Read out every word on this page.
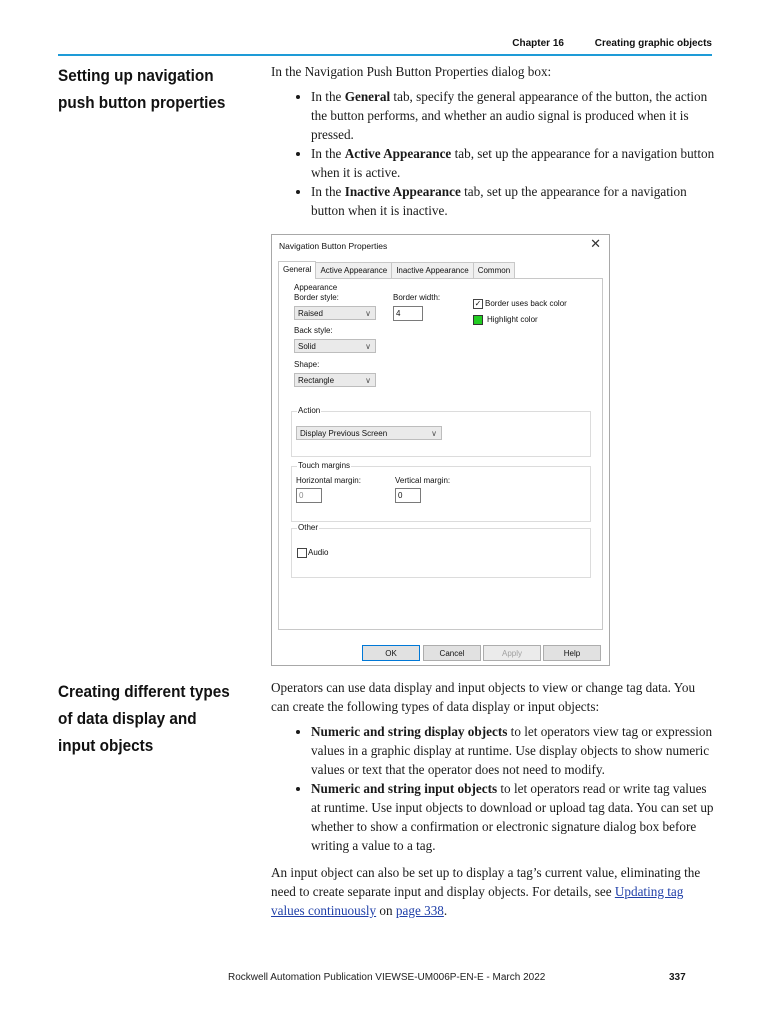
Chapter 16	Creating graphic objects
Setting up navigation push button properties

In the Navigation Push Button Properties dialog box:

• In the General tab, specify the general appearance of the button, the action the button performs, and whether an audio signal is produced when it is pressed.
• In the Active Appearance tab, set up the appearance for a navigation button when it is active.
• In the Inactive Appearance tab, set up the appearance for a navigation button when it is inactive.
Navigation Button Properties	✕
General	Active Appearance	Inactive Appearance	Common
Appearance
Border style:
Raised	∨
Border width:
4
✓ Border uses back color
Highlight color
Back style:
Solid	∨
Shape:
Rectangle	∨
Action
Display Previous Screen	∨
Touch margins
Horizontal margin:
0
Vertical margin:
0
Other
Audio
OK	Cancel	Apply	Help
Creating different types of data display and input objects

Operators can use data display and input objects to view or change tag data. You can create the following types of data display or input objects:

• Numeric and string display objects to let operators view tag or expression values in a graphic display at runtime. Use display objects to show numeric values or text that the operator does not need to modify.
• Numeric and string input objects to let operators read or write tag values at runtime. Use input objects to download or upload tag data. You can set up whether to show a confirmation or electronic signature dialog box before writing a value to a tag.

An input object can also be set up to display a tag’s current value, eliminating the need to create separate input and display objects. For details, see Updating tag values continuously on page 338.

Rockwell Automation Publication VIEWSE-UM006P-EN-E - March 2022	337
